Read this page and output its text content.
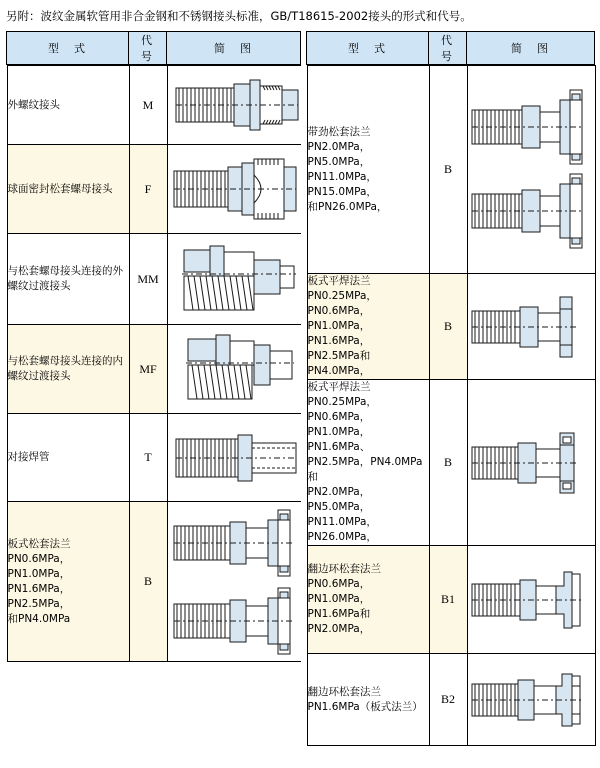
另附：波纹金属软管用非合金钢和不锈钢接头标准，GB/T18615-2002接头的形式和代号。
型　式	代　号	简　图		型　式	代　号	简　图

外螺纹接头	M	

球面密封松套螺母接头	F	

与松套螺母接头连接的外螺纹过渡接头	MM	

与松套螺母接头连接的内螺纹过渡接头	MF	

对接焊管	T	

板式松套法兰
PN0.6MPa，PN1.0MPa，
PN1.6MPa，PN2.5MPa，
和PN4.0MPa
	B	

带劲松套法兰
PN2.0MPa，PN5.0MPa，
PN11.0MPa，PN15.0MPa，
和PN26.0MPa，
	B	

板式平焊法兰
PN0.25MPa，PN0.6MPa，
PN1.0MPa，PN1.6MPa，
PN2.5MPa和PN4.0MPa，
	B	

板式平焊法兰
PN0.25MPa，PN0.6MPa，
PN1.0MPa，PN1.6MPa、
PN2.5MPa，PN4.0MPa和
PN2.0MPa，PN5.0MPa，
PN11.0MPa，PN26.0MPa，
	B	

翻边环松套法兰
PN0.6MPa，PN1.0MPa，
PN1.6MPa和PN2.0MPa，
	B1	

翻边环松套法兰
PN1.6MPa（板式法兰）
	B2	
